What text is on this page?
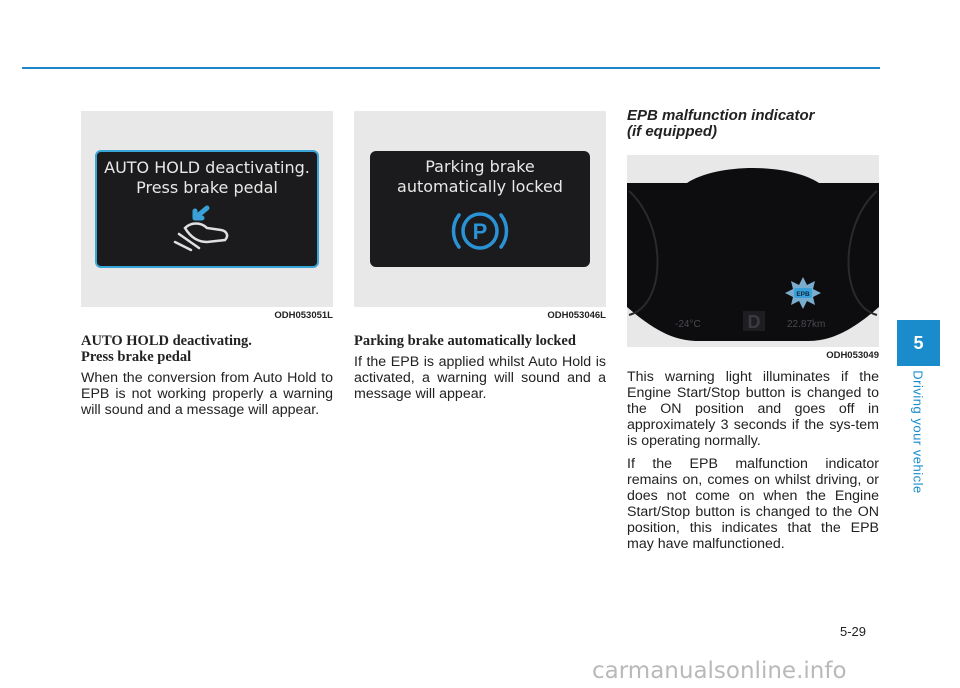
AUTO HOLD deactivating.
Press brake pedal
ODH053051L
AUTO HOLD deactivating.
Press brake pedal
When the conversion from Auto Hold to EPB is not working properly a warning will sound and a message will appear.
Parking brake
automatically locked
P
ODH053046L
Parking brake automatically locked
If the EPB is applied whilst Auto Hold is activated, a warning will sound and a message will appear.
EPB malfunction indicator
(if equipped)
D
-24°C	22.87km
EPB
ODH053049
This warning light illuminates if the Engine Start/Stop button is changed to the ON position and goes off in approximately 3 seconds if the sys-tem is operating normally.
If the EPB malfunction indicator remains on, comes on whilst driving, or does not come on when the Engine Start/Stop button is changed to the ON position, this indicates that the EPB may have malfunctioned.
5
Driving your vehicle
5-29
carmanualsonline.info
